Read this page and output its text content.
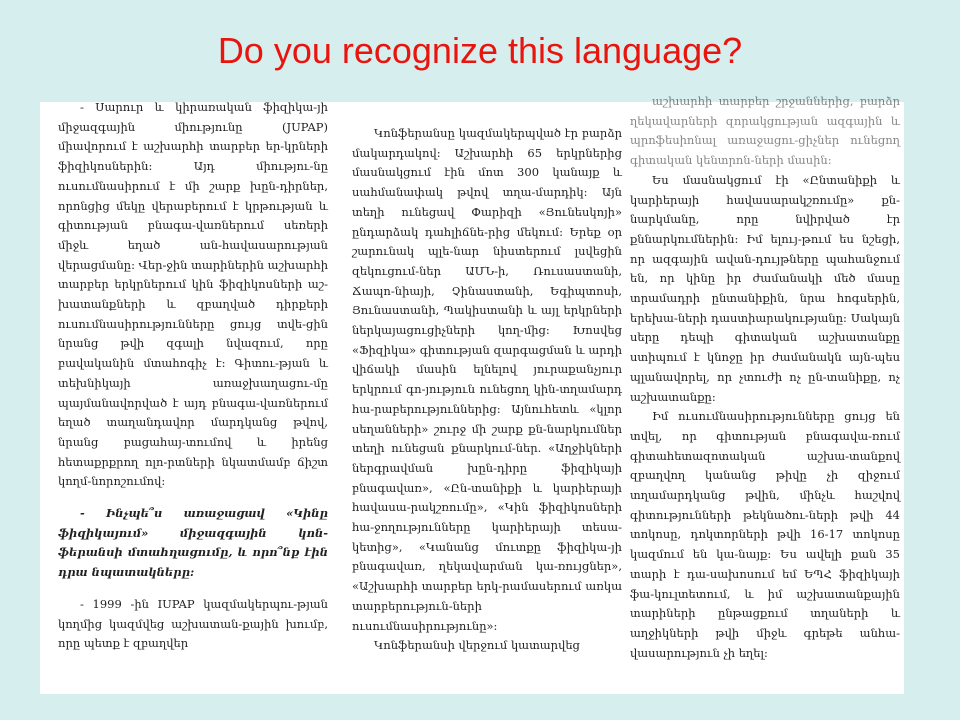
Do you recognize this language?

- Սարուր և կիրառական ֆիզիկա-յի միջազգային միությունը (JUPAP) միավորում է աշխարհի տարբեր եր-կրների ֆիզիկոսներին: Այդ միությու-նը ուսումնասիրում է մի շարք խըն-դիրներ, որոնցից մեկը վերաբերում է կրթության և գիտության բնագա-վառներում սեռերի միջև եղած ան-հավասարության վերացմանը: Վեր-ջին տարիներին աշխարհի տարբեր երկրներում կին ֆիզիկոսների աշ-խատանքների և զբաղված դիրքերի ուսումնասիրությունները ցույց տվե-ցին նրանց թվի զգալի նվազում, որը բավականին մտահոգիչ է: Գիտու-թյան և տեխնիկայի առաջխաղացու-մը պայմանավորված է այդ բնագա-վառներում եղած տաղանդավոր մարդկանց թվով, նրանց բացահայ-տումով և իրենց հետաքրքրող ոլո-րտների նկատմամբ ճիշտ կողմ-նորոշումով:

- Ինչպե՞ս առաջացավ «Կինը ֆիզիկայում» միջազգային կոն-ֆերանսի մտահղացումը, և որո՞նք էին դրա նպատակները:

- 1999 -ին IUPAP կազմակերպու-թյան կողմից կազմվեց աշխատան-քային խումբ, որը պետք է զբաղվեր

Կոնֆերանսը կազմակերպված էր բարձր մակարդակով: Աշխարհի 65 երկրներից մասնակցում էին մոտ 300 կանայք և սահմանափակ թվով տղա-մարդիկ: Այն տեղի ունեցավ Փարիզի «Յունեսկոյի» ընդարձակ դահլիճնե-րից մեկում: Երեք օր շարունակ պլե-նար նիստերում լսվեցին զեկուցում-ներ ԱՄՆ-ի, Ռուսաստանի, Ճապո-նիայի, Չինաստանի, Եգիպտոսի, Յունաստանի, Պակիստանի և այլ երկրների ներկայացուցիչների կող-մից: Խոսվեց «Ֆիզիկա» գիտության զարգացման և արդի վիճակի մասին ելնելով յուրաքանչյուր երկրում գո-յություն ունեցող կին-տղամարդ հա-րաբերություններից: Այնուհետև «կլոր սեղանների» շուրջ մի շարք քն-նարկումներ տեղի ունեցան քնարկում-ներ. «Աղջիկների ներգրավման խըն-դիրը ֆիզիկայի բնագավառ», «Ըն-տանիքի և կարիերայի հավասա-րակշռումը», «Կին ֆիզիկոսների հա-ջողությունները կարիերայի տեսա-կետից», «Կանանց մուտքը ֆիզիկա-յի բնագավառ, ղեկավարման կա-ռույցներ», «Աշխարհի տարբեր երկ-րամասերում առկա տարբերություն-ների ուսումնասիրությունը»:

Կոնֆերանսի վերջում կատարվեց

աշխարհի տարբեր շրջաններից, բարձր ղեկավարների զորակցության ազգային և պրոֆեսիոնալ առաջացու-ցիչներ ունեցող գիտական կենտրոն-ների մասին:

Ես մասնակցում էի «Ընտանիքի և կարիերայի հավասարակշռումը» քն-նարկմանը, որը նվիրված էր քննարկումներին: Իմ ելույ-թում ես նշեցի, որ ազգային ավան-դույթները պահանջում են, որ կինը իր ժամանակի մեծ մասը տրամադրի ընտանիքին, նրա հոգսերին, երեխա-ների դաստիարակությանը: Սակայն սերը դեպի գիտական աշխատանքը ստիպում է կնոջը իր ժամանակն այն-պես պլանավորել, որ չտուժի ոչ ըն-տանիքը, ոչ աշխատանքը:

Իմ ուսումնասիրությունները ցույց են տվել, որ գիտության բնագավա-ռում գիտահետազոտական աշխա-տանքով զբաղվող կանանց թիվը չի զիջում տղամարդկանց թվին, մինչև հաշվով գիտությունների թեկնածու-ների թվի 44 տոկոսը, դոկտորների թվի 16-17 տոկոսը կազմում են կա-նայք: Ես ավելի քան 35 տարի է դա-սախոսում եմ ԵՊՀ ֆիզիկայի ֆա-կուլտետում, և իմ աշխատանքային տարիների ընթացքում տղաների և աղջիկների թվի միջև գրեթե անհա-վասարություն չի եղել:
